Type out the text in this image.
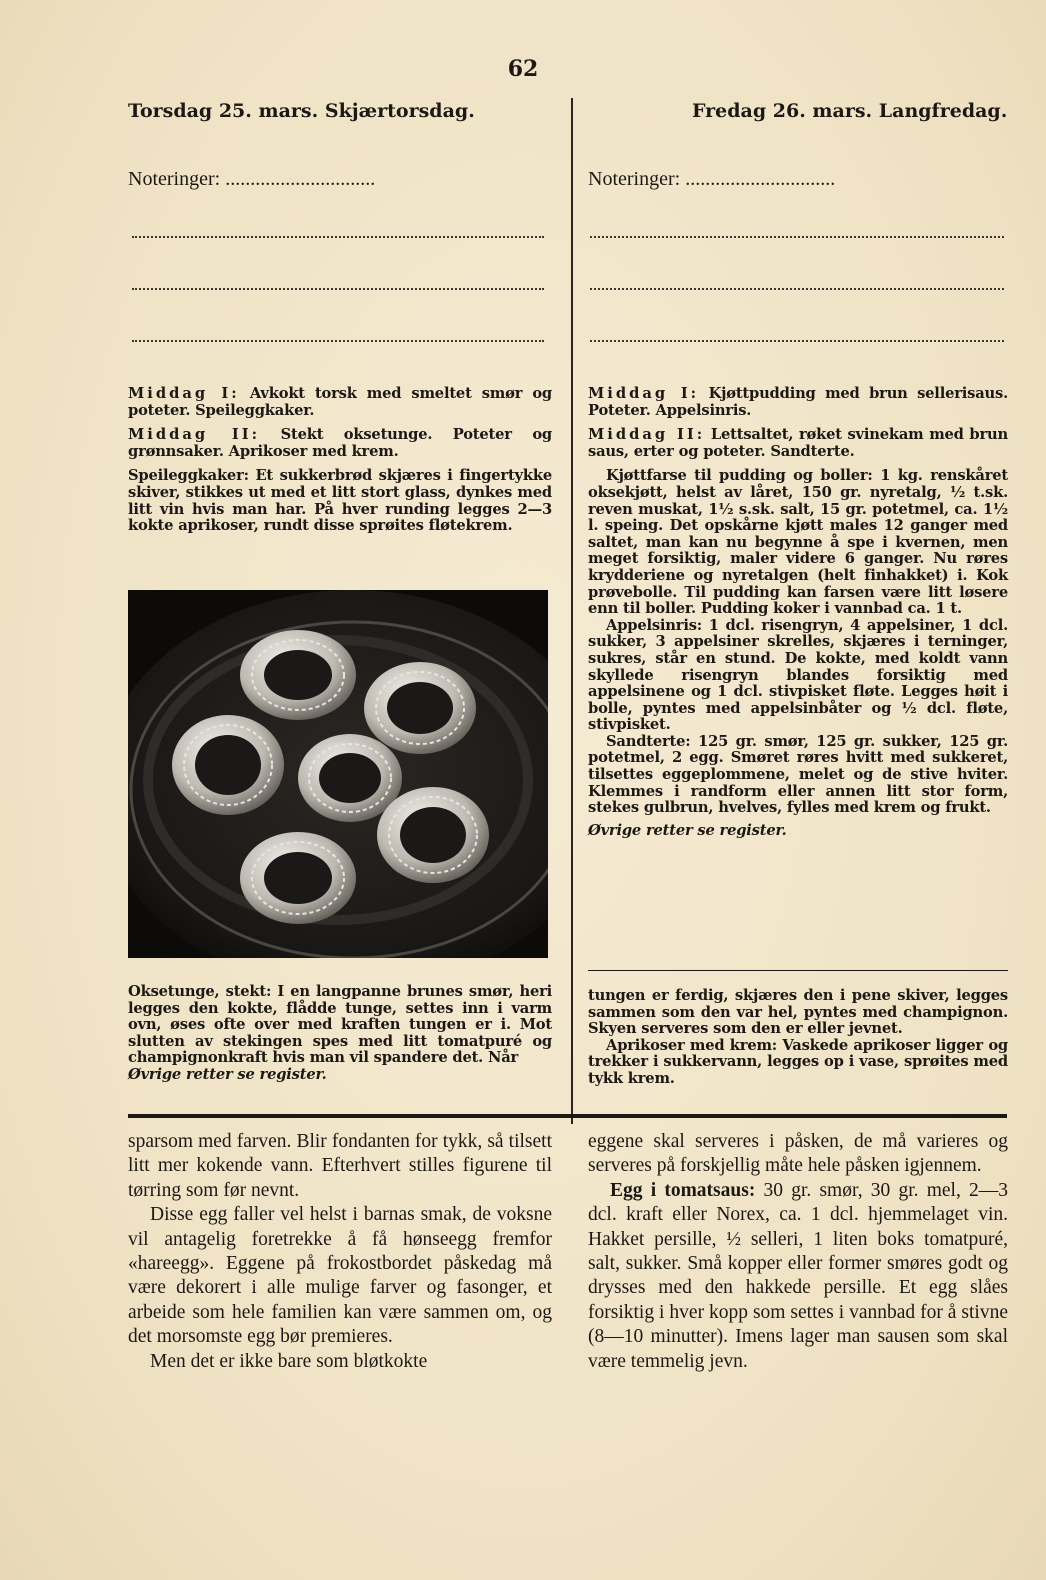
62
Torsdag 25. mars. Skjærtorsdag.	Fredag 26. mars. Langfredag.
Noteringer: ..............................	Noteringer: ..............................

Middag I: Avkokt torsk med smeltet smør og poteter. Speileggkaker.

Middag II: Stekt oksetunge. Poteter og grønnsaker. Aprikoser med krem.

Speileggkaker: Et sukkerbrød skjæres i fingertykke skiver, stikkes ut med et litt stort glass, dynkes med litt vin hvis man har. På hver runding legges 2—3 kokte aprikoser, rundt disse sprøites fløtekrem.

Oksetunge, stekt: I en langpanne brunes smør, heri legges den kokte, flådde tunge, settes inn i varm ovn, øses ofte over med kraften tungen er i. Mot slutten av stekingen spes med litt tomatpuré og champignonkraft hvis man vil spandere det. Når

Øvrige retter se register.

Middag I: Kjøttpudding med brun sellerisaus. Poteter. Appelsinris.

Middag II: Lettsaltet, røket svinekam med brun saus, erter og poteter. Sandterte.

Kjøttfarse til pudding og boller: 1 kg. renskåret oksekjøtt, helst av låret, 150 gr. nyretalg, ½ t.sk. reven muskat, 1½ s.sk. salt, 15 gr. potetmel, ca. 1½ l. speing. Det opskårne kjøtt males 12 ganger med saltet, man kan nu begynne å spe i kvernen, men meget forsiktig, maler videre 6 ganger. Nu røres krydderiene og nyretalgen (helt finhakket) i. Kok prøvebolle. Til pudding kan farsen være litt løsere enn til boller. Pudding koker i vannbad ca. 1 t.

Appelsinris: 1 dcl. risengryn, 4 appelsiner, 1 dcl. sukker, 3 appelsiner skrelles, skjæres i terninger, sukres, står en stund. De kokte, med koldt vann skyllede risengryn blandes forsiktig med appelsinene og 1 dcl. stivpisket fløte. Legges høit i bolle, pyntes med appelsinbåter og ½ dcl. fløte, stivpisket.

Sandterte: 125 gr. smør, 125 gr. sukker, 125 gr. potetmel, 2 egg. Smøret røres hvitt med sukkeret, tilsettes eggeplommene, melet og de stive hviter. Klemmes i randform eller annen litt stor form, stekes gulbrun, hvelves, fylles med krem og frukt.

Øvrige retter se register.

tungen er ferdig, skjæres den i pene skiver, legges sammen som den var hel, pyntes med champignon. Skyen serveres som den er eller jevnet.

Aprikoser med krem: Vaskede aprikoser ligger og trekker i sukkervann, legges op i vase, sprøites med tykk krem.

sparsom med farven. Blir fondanten for tykk, så tilsett litt mer kokende vann. Efterhvert stilles figurene til tørring som før nevnt.

Disse egg faller vel helst i barnas smak, de voksne vil antagelig foretrekke å få hønseegg fremfor «hareegg». Eggene på frokostbordet påskedag må være dekorert i alle mulige farver og fasonger, et arbeide som hele familien kan være sammen om, og det morsomste egg bør premieres.

Men det er ikke bare som bløtkokte

eggene skal serveres i påsken, de må varieres og serveres på forskjellig måte hele påsken igjennem.

Egg i tomatsaus: 30 gr. smør, 30 gr. mel, 2—3 dcl. kraft eller Norex, ca. 1 dcl. hjemmelaget vin. Hakket persille, ½ selleri, 1 liten boks tomatpuré, salt, sukker. Små kopper eller former smøres godt og drysses med den hakkede persille. Et egg slåes forsiktig i hver kopp som settes i vannbad for å stivne (8—10 minutter). Imens lager man sausen som skal være temmelig jevn.
